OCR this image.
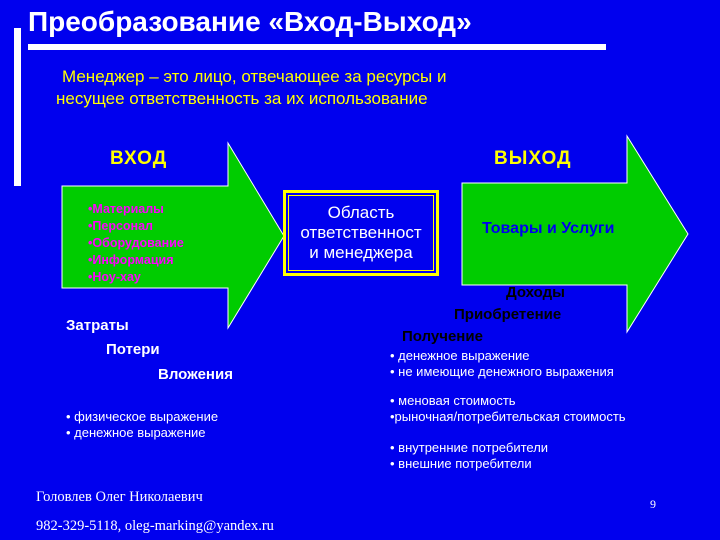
Преобразование «Вход-Выход»
Менеджер – это лицо, отвечающее за ресурсы и
несущее ответственность за их использование
ВХОД	ВЫХОД
•Материалы
•Персонал
•Оборудование
•Информация
•Ноу-хау
Область
ответственност
и менеджера
Товары и Услуги
Затраты
Потери
Вложения
• физическое выражение
• денежное выражение
Доходы
Приобретение
Получение
• денежное выражение
• не имеющие денежного выражения
• меновая стоимость
•рыночная/потребительская стоимость
• внутренние потребители
• внешние потребители
Головлев Олег Николаевич
982-329-5118, oleg-marking@yandex.ru
9
